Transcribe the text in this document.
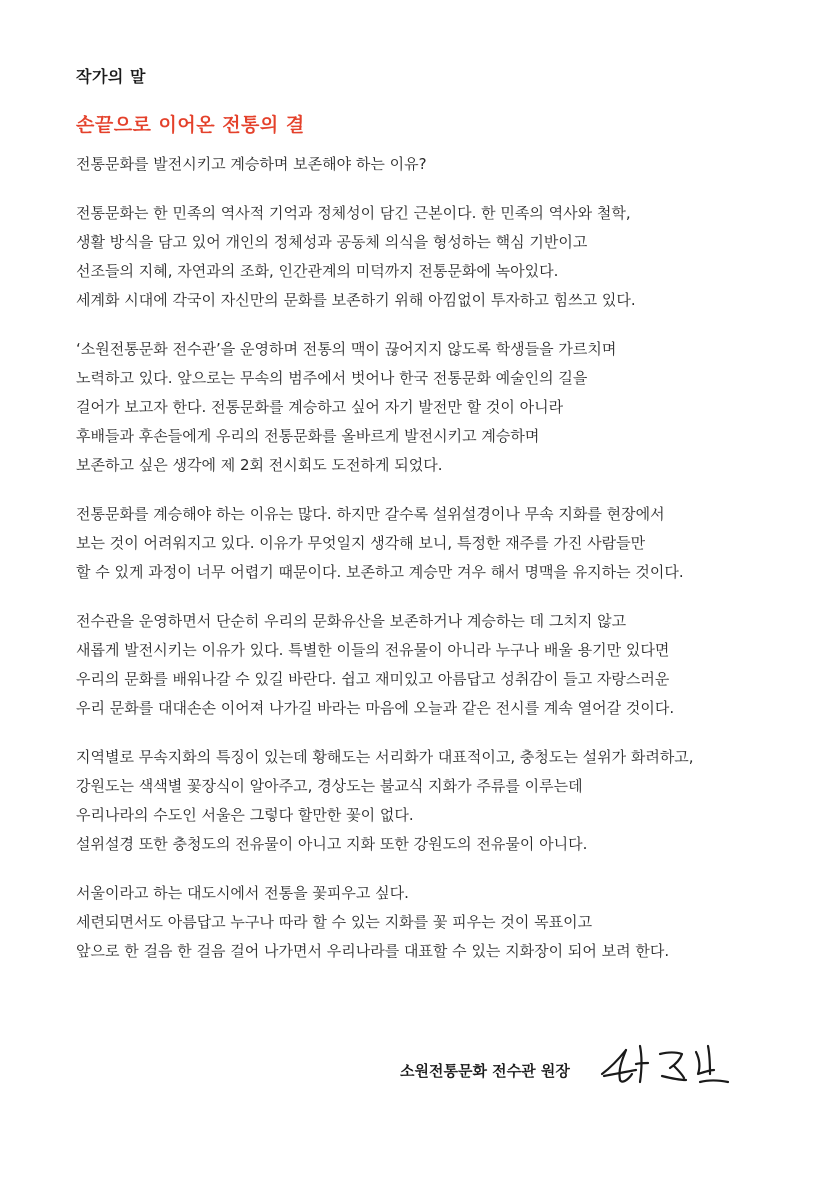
작가의 말
손끝으로 이어온 전통의 결
전통문화를 발전시키고 계승하며 보존해야 하는 이유?
전통문화는 한 민족의 역사적 기억과 정체성이 담긴 근본이다. 한 민족의 역사와 철학,
생활 방식을 담고 있어 개인의 정체성과 공동체 의식을 형성하는 핵심 기반이고
선조들의 지혜, 자연과의 조화, 인간관계의 미덕까지 전통문화에 녹아있다.
세계화 시대에 각국이 자신만의 문화를 보존하기 위해 아낌없이 투자하고 힘쓰고 있다.
‘소원전통문화 전수관’을 운영하며 전통의 맥이 끊어지지 않도록 학생들을 가르치며
노력하고 있다. 앞으로는 무속의 범주에서 벗어나 한국 전통문화 예술인의 길을
걸어가 보고자 한다. 전통문화를 계승하고 싶어 자기 발전만 할 것이 아니라
후배들과 후손들에게 우리의 전통문화를 올바르게 발전시키고 계승하며
보존하고 싶은 생각에 제 2회 전시회도 도전하게 되었다.
전통문화를 계승해야 하는 이유는 많다. 하지만 갈수록 설위설경이나 무속 지화를 현장에서
보는 것이 어려워지고 있다. 이유가 무엇일지 생각해 보니, 특정한 재주를 가진 사람들만
할 수 있게 과정이 너무 어렵기 때문이다. 보존하고 계승만 겨우 해서 명맥을 유지하는 것이다.
전수관을 운영하면서 단순히 우리의 문화유산을 보존하거나 계승하는 데 그치지 않고
새롭게 발전시키는 이유가 있다. 특별한 이들의 전유물이 아니라 누구나 배울 용기만 있다면
우리의 문화를 배워나갈 수 있길 바란다. 쉽고 재미있고 아름답고 성취감이 들고 자랑스러운
우리 문화를 대대손손 이어져 나가길 바라는 마음에 오늘과 같은 전시를 계속 열어갈 것이다.
지역별로 무속지화의 특징이 있는데 황해도는 서리화가 대표적이고, 충청도는 설위가 화려하고,
강원도는 색색별 꽃장식이 알아주고, 경상도는 불교식 지화가 주류를 이루는데
우리나라의 수도인 서울은 그렇다 할만한 꽃이 없다.
설위설경 또한 충청도의 전유물이 아니고 지화 또한 강원도의 전유물이 아니다.
서울이라고 하는 대도시에서 전통을 꽃피우고 싶다.
세련되면서도 아름답고 누구나 따라 할 수 있는 지화를 꽃 피우는 것이 목표이고
앞으로 한 걸음 한 걸음 걸어 나가면서 우리나라를 대표할 수 있는 지화장이 되어 보려 한다.
소원전통문화 전수관 원장
